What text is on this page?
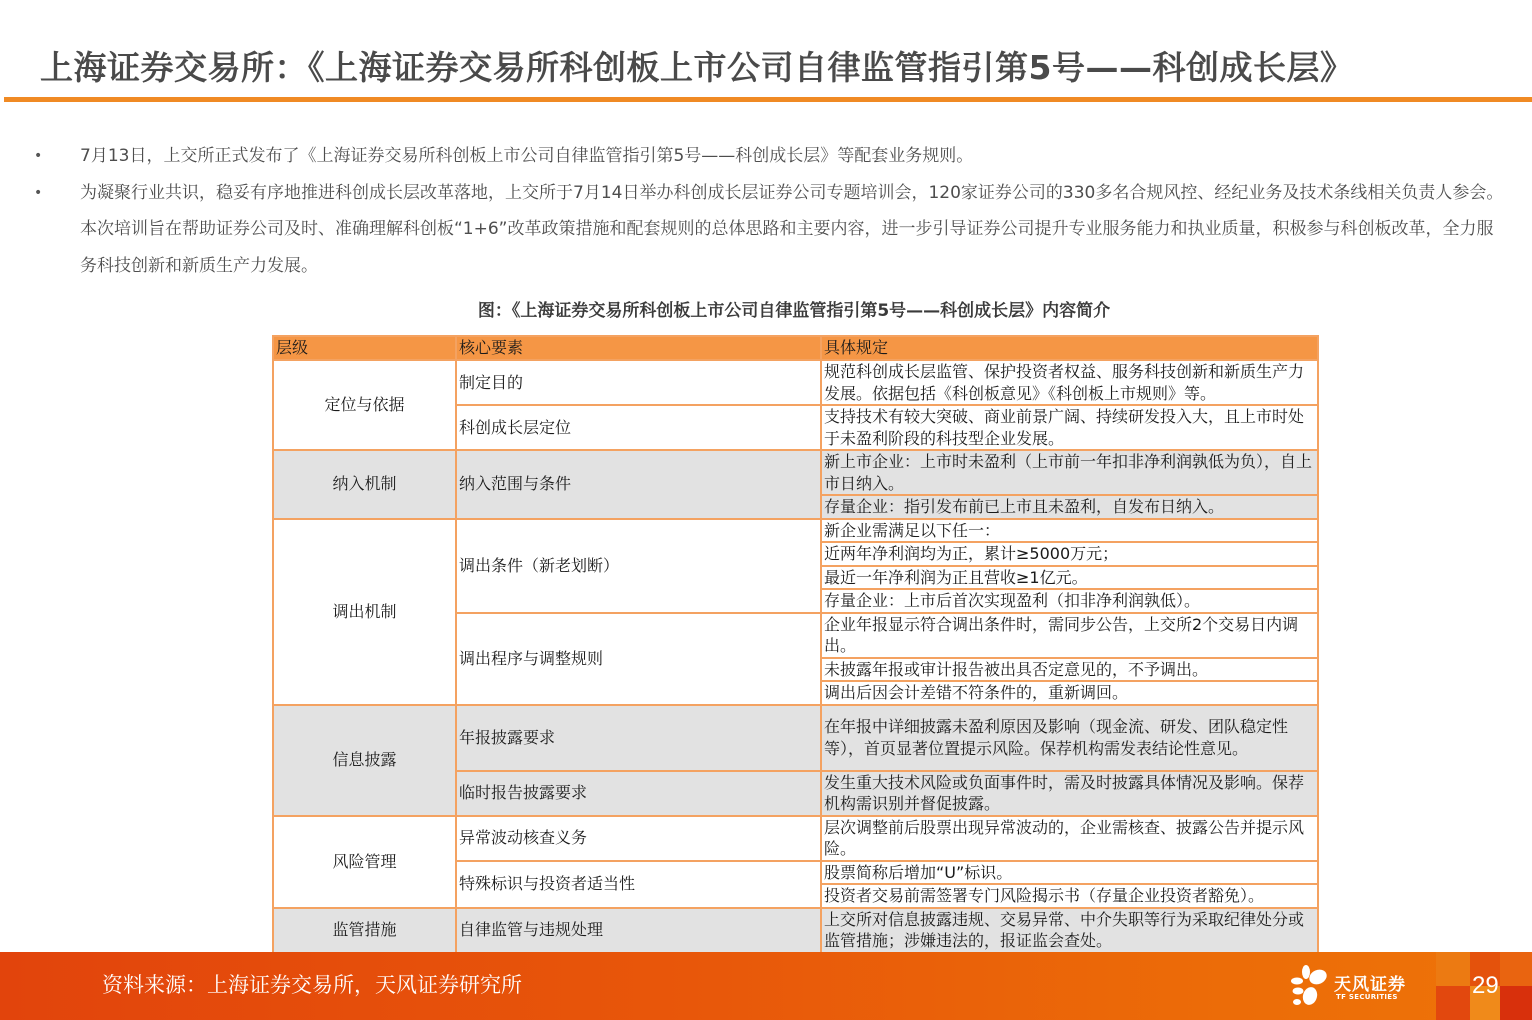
上海证券交易所：《上海证券交易所科创板上市公司自律监管指引第5号——科创成长层》
• 7月13日，上交所正式发布了《上海证券交易所科创板上市公司自律监管指引第5号——科创成长层》等配套业务规则。
• 为凝聚行业共识，稳妥有序地推进科创成长层改革落地，上交所于7月14日举办科创成长层证券公司专题培训会，120家证券公司的330多名合规风控、经纪业务及技术条线相关负责人参会。本次培训旨在帮助证券公司及时、准确理解科创板“1+6”改革政策措施和配套规则的总体思路和主要内容，进一步引导证券公司提升专业服务能力和执业质量，积极参与科创板改革，全力服务科技创新和新质生产力发展。
图：《上海证券交易所科创板上市公司自律监管指引第5号——科创成长层》内容简介
层级	核心要素	具体规定
定位与依据	制定目的	规范科创成长层监管、保护投资者权益、服务科技创新和新质生产力发展。依据包括《科创板意见》《科创板上市规则》等。
	科创成长层定位	支持技术有较大突破、商业前景广阔、持续研发投入大，且上市时处于未盈利阶段的科技型企业发展。
纳入机制	纳入范围与条件	新上市企业：上市时未盈利（上市前一年扣非净利润孰低为负），自上市日纳入。
		存量企业：指引发布前已上市且未盈利，自发布日纳入。
调出机制	调出条件（新老划断）	新企业需满足以下任一：
		近两年净利润均为正，累计≥5000万元；
		最近一年净利润为正且营收≥1亿元。
		存量企业：上市后首次实现盈利（扣非净利润孰低）。
	调出程序与调整规则	企业年报显示符合调出条件时，需同步公告，上交所2个交易日内调出。
		未披露年报或审计报告被出具否定意见的，不予调出。
		调出后因会计差错不符条件的，重新调回。
信息披露	年报披露要求	在年报中详细披露未盈利原因及影响（现金流、研发、团队稳定性等），首页显著位置提示风险。保荐机构需发表结论性意见。
	临时报告披露要求	发生重大技术风险或负面事件时，需及时披露具体情况及影响。保荐机构需识别并督促披露。
风险管理	异常波动核查义务	层次调整前后股票出现异常波动的，企业需核查、披露公告并提示风险。
	特殊标识与投资者适当性	股票简称后增加“U”标识。
		投资者交易前需签署专门风险揭示书（存量企业投资者豁免）。
监管措施	自律监管与违规处理	上交所对信息披露违规、交易异常、中介失职等行为采取纪律处分或监管措施；涉嫌违法的，报证监会查处。
资料来源：上海证券交易所，天风证券研究所	天风证券
TF SECURITIES	29
